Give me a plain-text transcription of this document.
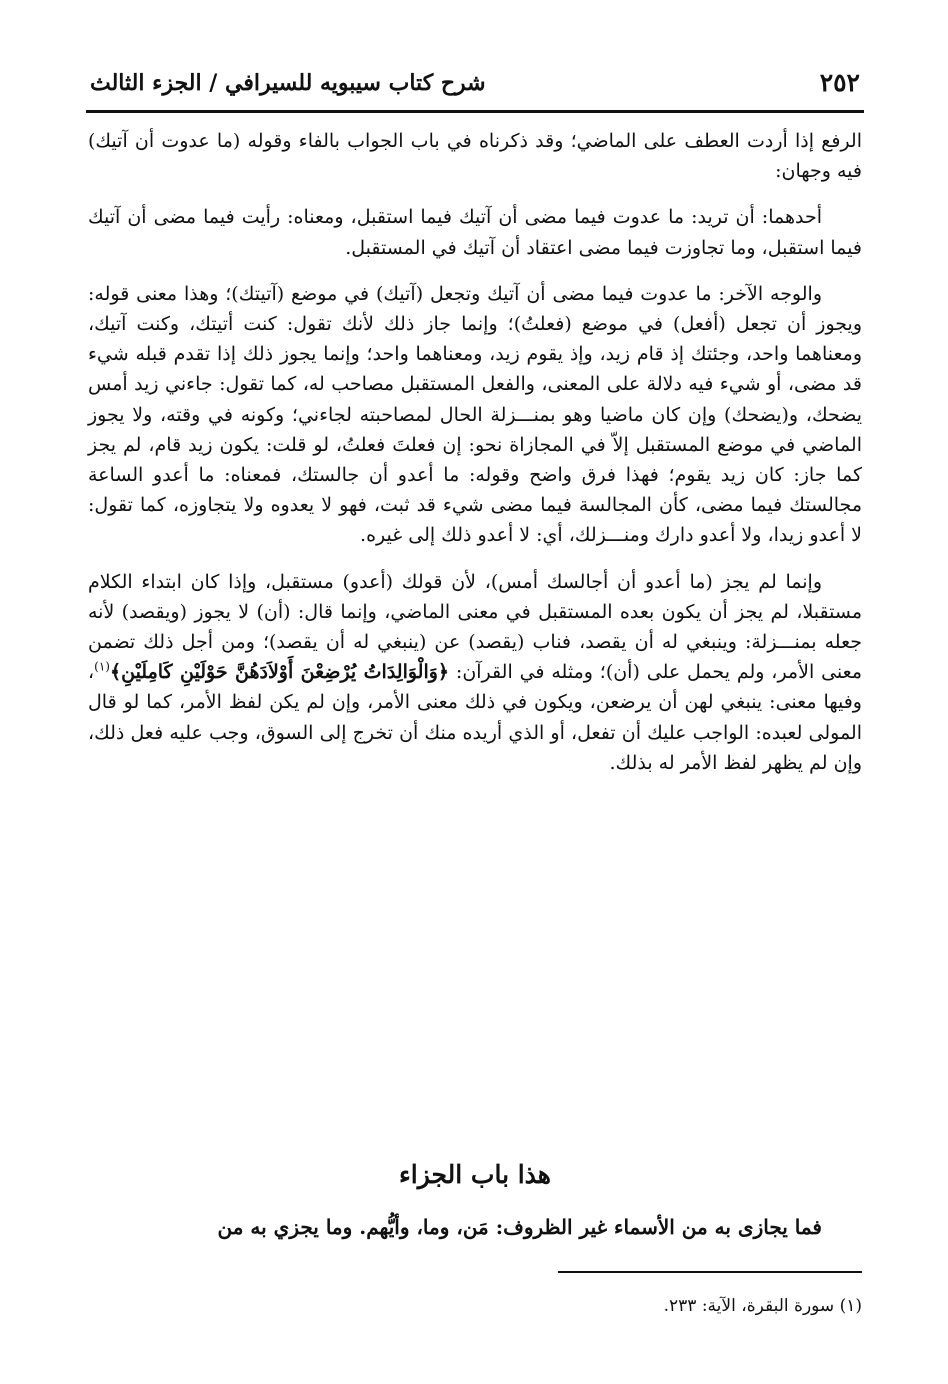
٢٥٢
شرح كتاب سيبويه للسيرافي / الجزء الثالث

الرفع إذا أردت العطف على الماضي؛ وقد ذكرناه في باب الجواب بالفاء وقوله (ما عدوت أن آتيك) فيه وجهان:

أحدهما: أن تريد: ما عدوت فيما مضى أن آتيك فيما استقبل، ومعناه: رأيت فيما مضى أن آتيك فيما استقبل، وما تجاوزت فيما مضى اعتقاد أن آتيك في المستقبل.

والوجه الآخر: ما عدوت فيما مضى أن آتيك وتجعل (آتيك) في موضع (آتيتك)؛ وهذا معنى قوله: ويجوز أن تجعل (أفعل) في موضع (فعلتُ)؛ وإنما جاز ذلك لأنك تقول: كنت أتيتك، وكنت آتيك، ومعناهما واحد، وجئتك إذ قام زيد، وإذ يقوم زيد، ومعناهما واحد؛ وإنما يجوز ذلك إذا تقدم قبله شيء قد مضى، أو شيء فيه دلالة على المعنى، والفعل المستقبل مصاحب له، كما تقول: جاءني زيد أمس يضحك، و(يضحك) وإن كان ماضيا وهو بمنـــزلة الحال لمصاحبته لجاءني؛ وكونه في وقته، ولا يجوز الماضي في موضع المستقبل إلاّ في المجازاة نحو: إن فعلتَ فعلتُ، لو قلت: يكون زيد قام، لم يجز كما جاز: كان زيد يقوم؛ فهذا فرق واضح وقوله: ما أعدو أن جالستك، فمعناه: ما أعدو الساعة مجالستك فيما مضى، كأن المجالسة فيما مضى شيء قد ثبت، فهو لا يعدوه ولا يتجاوزه، كما تقول: لا أعدو زيدا، ولا أعدو دارك ومنـــزلك، أي: لا أعدو ذلك إلى غيره.

وإنما لم يجز (ما أعدو أن أجالسك أمس)، لأن قولك (أعدو) مستقبل، وإذا كان ابتداء الكلام مستقبلا، لم يجز أن يكون بعده المستقبل في معنى الماضي، وإنما قال: (أن) لا يجوز (ويقصد) لأنه جعله بمنـــزلة: وينبغي له أن يقصد، فناب (يقصد) عن (ينبغي له أن يقصد)؛ ومن أجل ذلك تضمن معنى الأمر، ولم يحمل على (أن)؛ ومثله في القرآن: ﴿وَالْوَالِدَاتُ يُرْضِعْنَ أَوْلاَدَهُنَّ حَوْلَيْنِ كَامِلَيْنِ﴾$^{(١)}$، وفيها معنى: ينبغي لهن أن يرضعن، ويكون في ذلك معنى الأمر، وإن لم يكن لفظ الأمر، كما لو قال المولى لعبده: الواجب عليك أن تفعل، أو الذي أريده منك أن تخرج إلى السوق، وجب عليه فعل ذلك، وإن لم يظهر لفظ الأمر له بذلك.

هذا باب الجزاء

فما يجازى به من الأسماء غير الظروف: مَن، وما، وأيُّهم. وما يجزي به من

(١) سورة البقرة، الآية: ٢٣٣.
